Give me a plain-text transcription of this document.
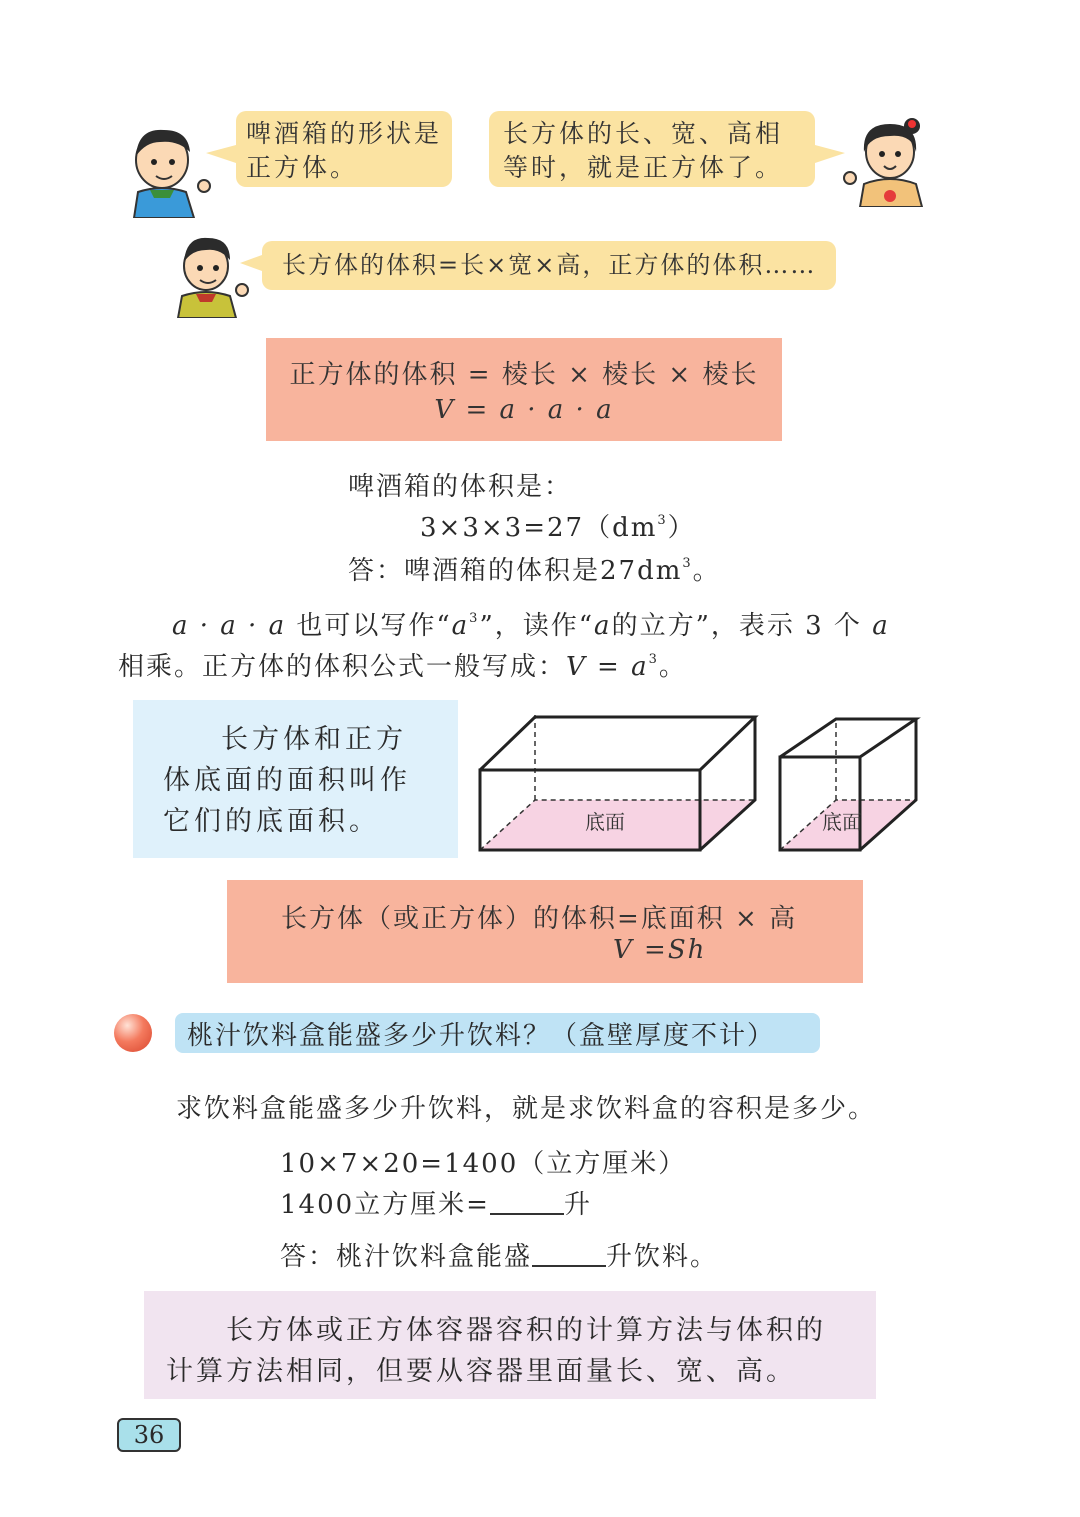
啤酒箱的形状是正方体。
长方体的长、宽、高相等时，就是正方体了。
长方体的体积=长×宽×高，正方体的体积……
正方体的体积 = 棱长 × 棱长 × 棱长
V = a · a · a
啤酒箱的体积是：
$3\times 3\times 3=27(dm^3)$
答：啤酒箱的体积是$27dm^3$。
a · a · a 也可以写作“$a^3$”，读作“a的立方”，表示 3 个 a
相乘。正方体的体积公式一般写成：$V = a^3$。
长方体和正方
体底面的面积叫作
它们的底面积。	底面	底面
长方体（或正方体）的体积=底面积 × 高
V =Sh
桃汁饮料盒能盛多少升饮料？（盒壁厚度不计）
求饮料盒能盛多少升饮料，就是求饮料盒的容积是多少。
10×7×20=1400（立方厘米）
1400立方厘米=	升
答：桃汁饮料盒能盛	升饮料。
长方体或正方体容器容积的计算方法与体积的
计算方法相同，但要从容器里面量长、宽、高。
36
